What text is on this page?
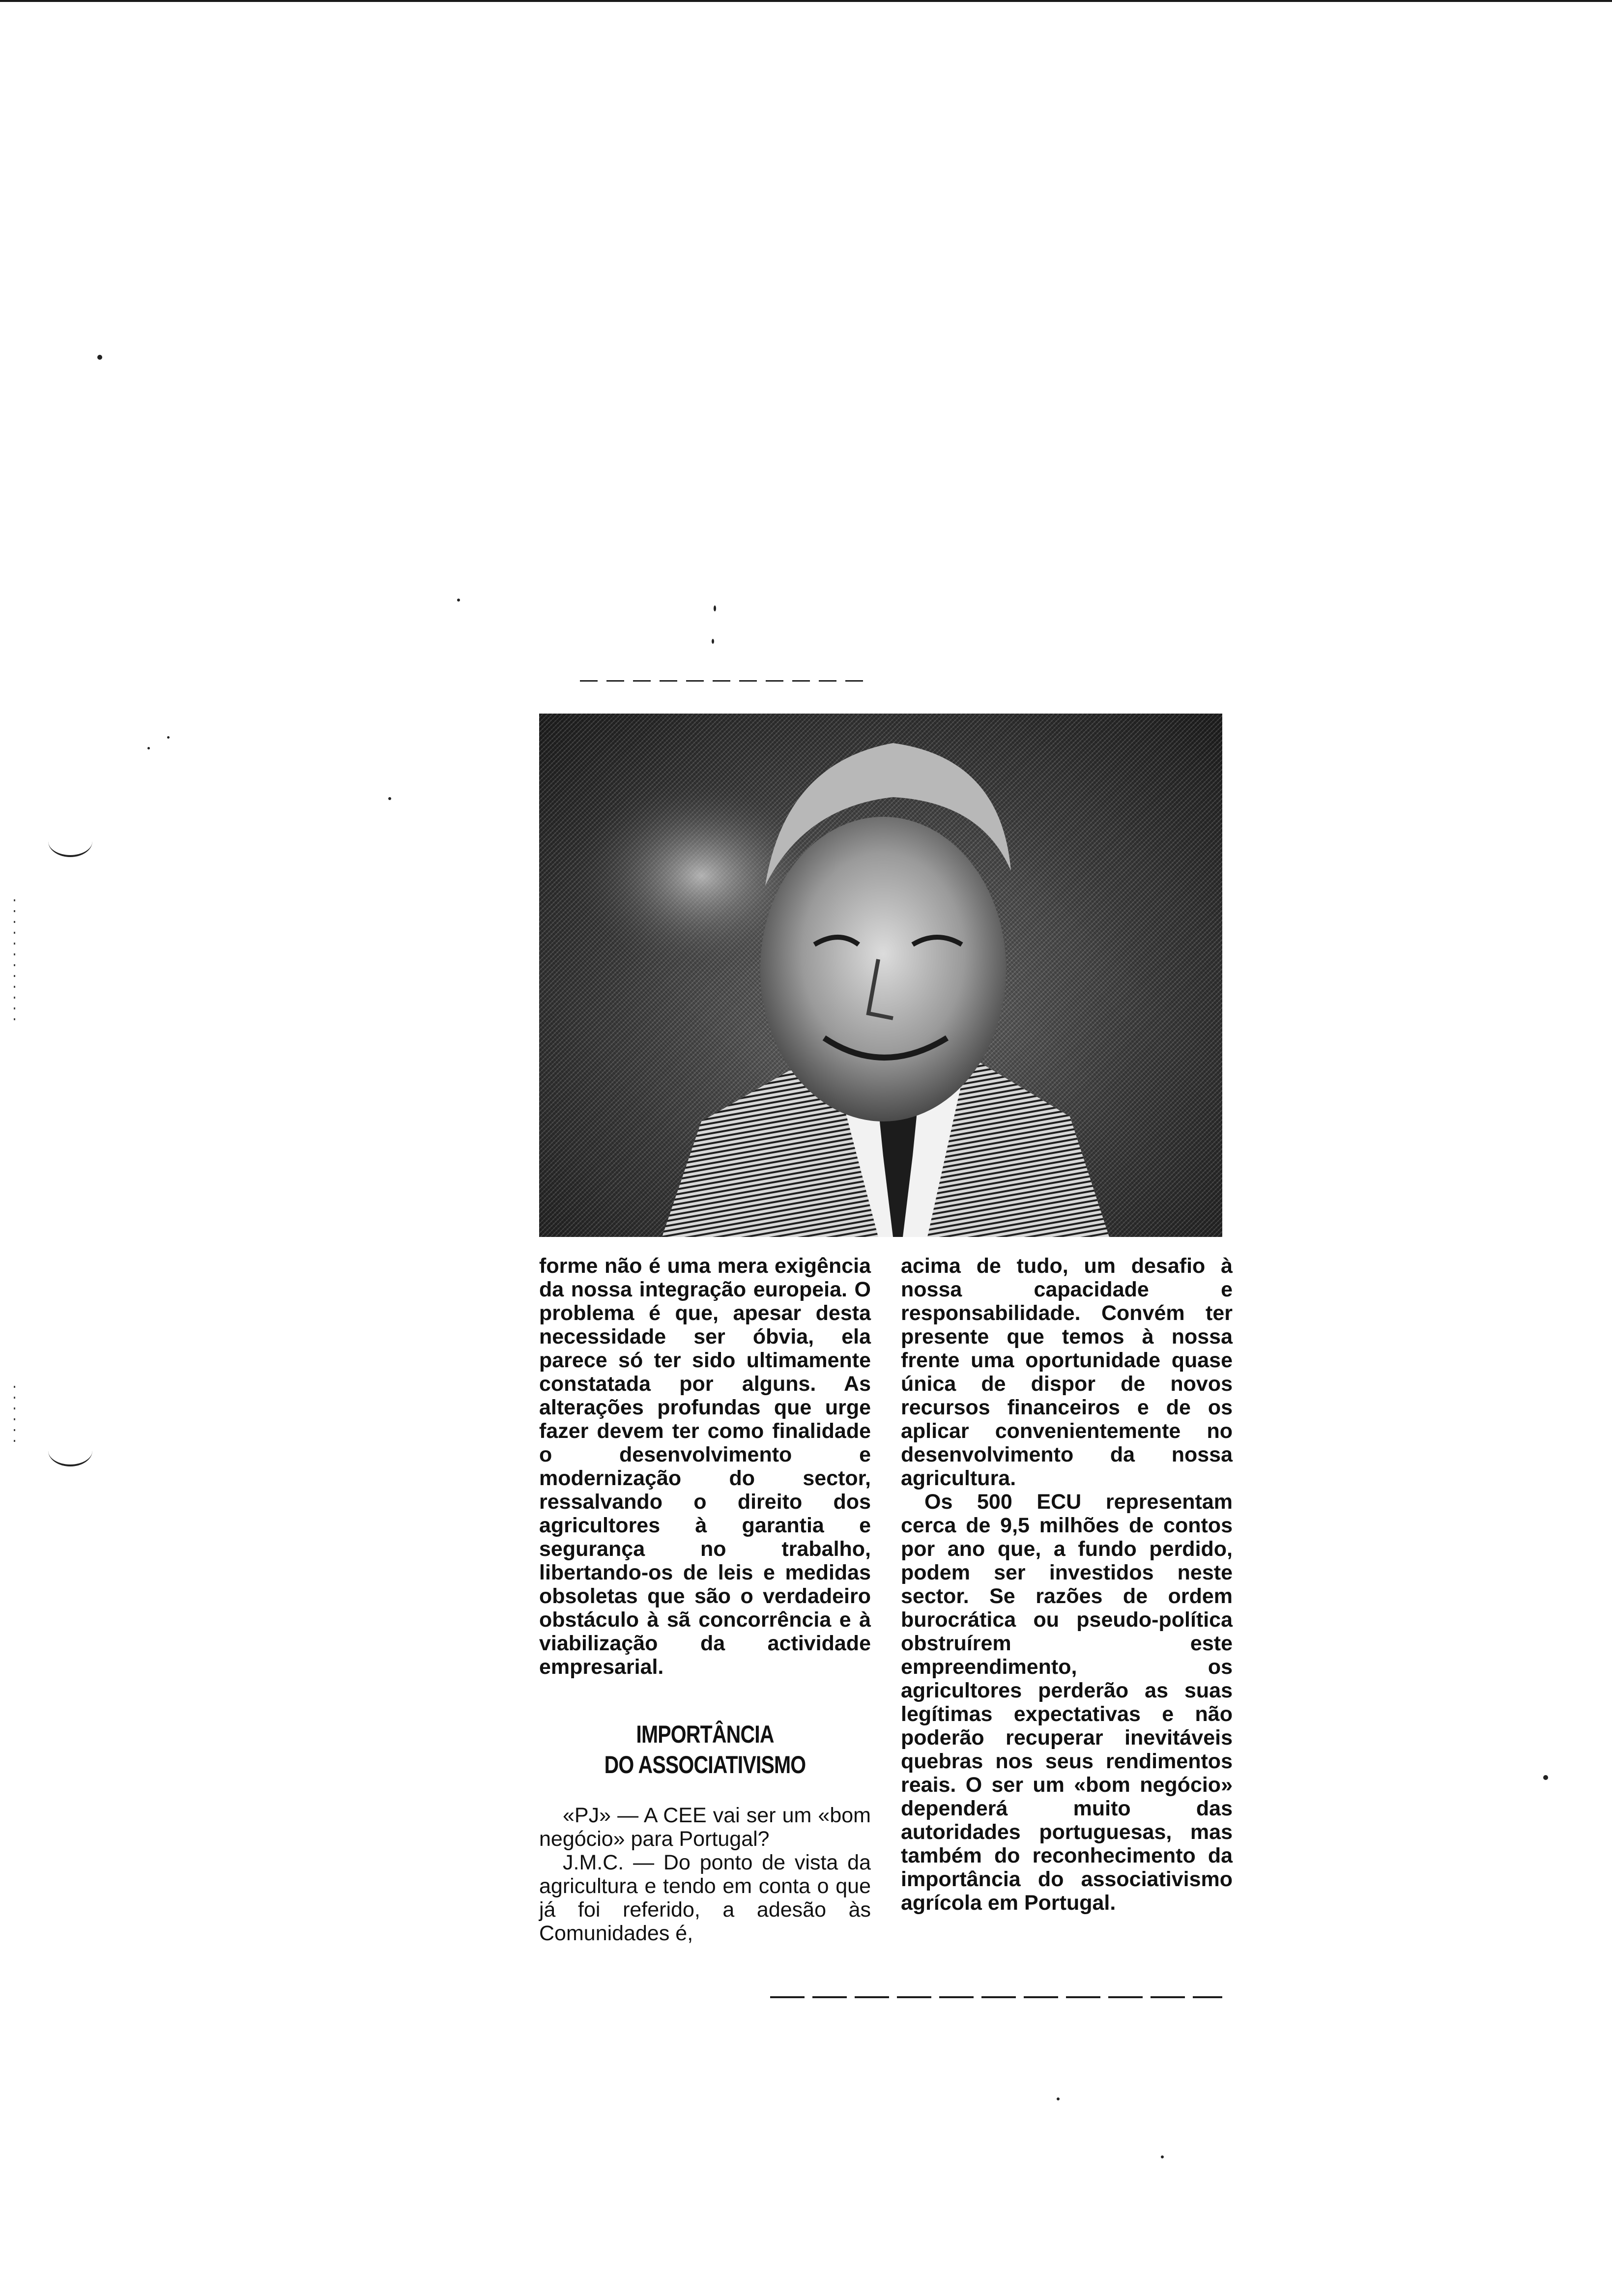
forme não é uma mera exigência da nossa integração europeia. O problema é que, apesar desta necessidade ser óbvia, ela parece só ter sido ultimamente constatada por alguns. As alterações profundas que urge fazer devem ter como finalidade o desenvolvimento e modernização do sector, ressalvando o direito dos agricultores à garantia e segurança no trabalho, libertando-os de leis e medidas obsoletas que são o verdadeiro obstáculo à sã concorrência e à viabilização da actividade empresarial.

IMPORTÂNCIA
DO ASSOCIATIVISMO

«PJ» — A CEE vai ser um «bom negócio» para Portugal?

J.M.C. — Do ponto de vista da agricultura e tendo em conta o que já foi referido, a adesão às Comunidades é,

acima de tudo, um desafio à nossa capacidade e responsabilidade. Convém ter presente que temos à nossa frente uma oportunidade quase única de dispor de novos recursos financeiros e de os aplicar convenientemente no desenvolvimento da nossa agricultura.

Os 500 ECU representam cerca de 9,5 milhões de contos por ano que, a fundo perdido, podem ser investidos neste sector. Se razões de ordem burocrática ou pseudo-política obstruírem este empreendimento, os agricultores perderão as suas legítimas expectativas e não poderão recuperar inevitáveis quebras nos seus rendimentos reais. O ser um «bom negócio» dependerá muito das autoridades portuguesas, mas também do reconhecimento da importância do associativismo agrícola em Portugal.
